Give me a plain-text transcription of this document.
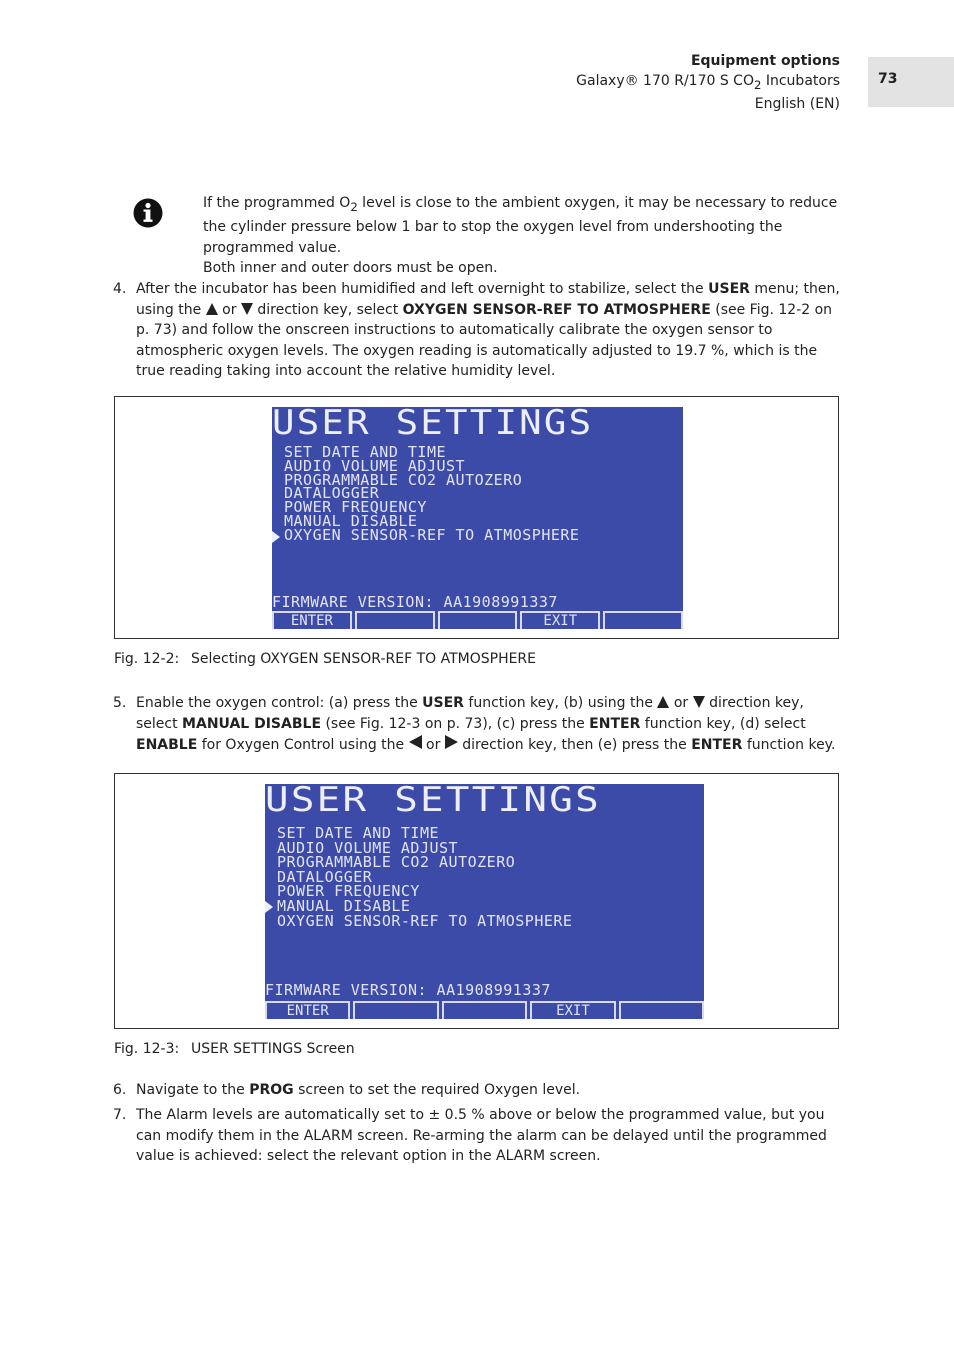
Equipment options
Galaxy® 170 R/170 S $CO_2$ Incubators
English (EN)
73

If the programmed $O_2$ level is close to the ambient oxygen, it may be necessary to reduce the cylinder pressure below 1 bar to stop the oxygen level from undershooting the programmed value.

Both inner and outer doors must be open.

4. After the incubator has been humidified and left overnight to stabilize, select the USER menu; then, using the  or  direction key, select OXYGEN SENSOR-REF TO ATMOSPHERE (see Fig. 12-2 on p. 73) and follow the onscreen instructions to automatically calibrate the oxygen sensor to atmospheric oxygen levels. The oxygen reading is automatically adjusted to 19.7 %, which is the true reading taking into account the relative humidity level.
USER SETTINGS
SET DATE AND TIME
AUDIO VOLUME ADJUST
PROGRAMMABLE CO2 AUTOZERO
DATALOGGER
POWER FREQUENCY
MANUAL DISABLE
OXYGEN SENSOR-REF TO ATMOSPHERE
FIRMWARE VERSION: AA1908991337
ENTER	EXIT
Fig. 12-2: Selecting OXYGEN SENSOR-REF TO ATMOSPHERE
5. Enable the oxygen control: (a) press the USER function key, (b) using the  or  direction key, select MANUAL DISABLE (see Fig. 12-3 on p. 73), (c) press the ENTER function key, (d) select ENABLE for Oxygen Control using the  or  direction key, then (e) press the ENTER function key.
USER SETTINGS
SET DATE AND TIME
AUDIO VOLUME ADJUST
PROGRAMMABLE CO2 AUTOZERO
DATALOGGER
POWER FREQUENCY
MANUAL DISABLE
OXYGEN SENSOR-REF TO ATMOSPHERE
FIRMWARE VERSION: AA1908991337
ENTER	EXIT
Fig. 12-3: USER SETTINGS Screen
6. Navigate to the PROG screen to set the required Oxygen level.
7. The Alarm levels are automatically set to ± 0.5 % above or below the programmed value, but you can modify them in the ALARM screen. Re-arming the alarm can be delayed until the programmed value is achieved: select the relevant option in the ALARM screen.
